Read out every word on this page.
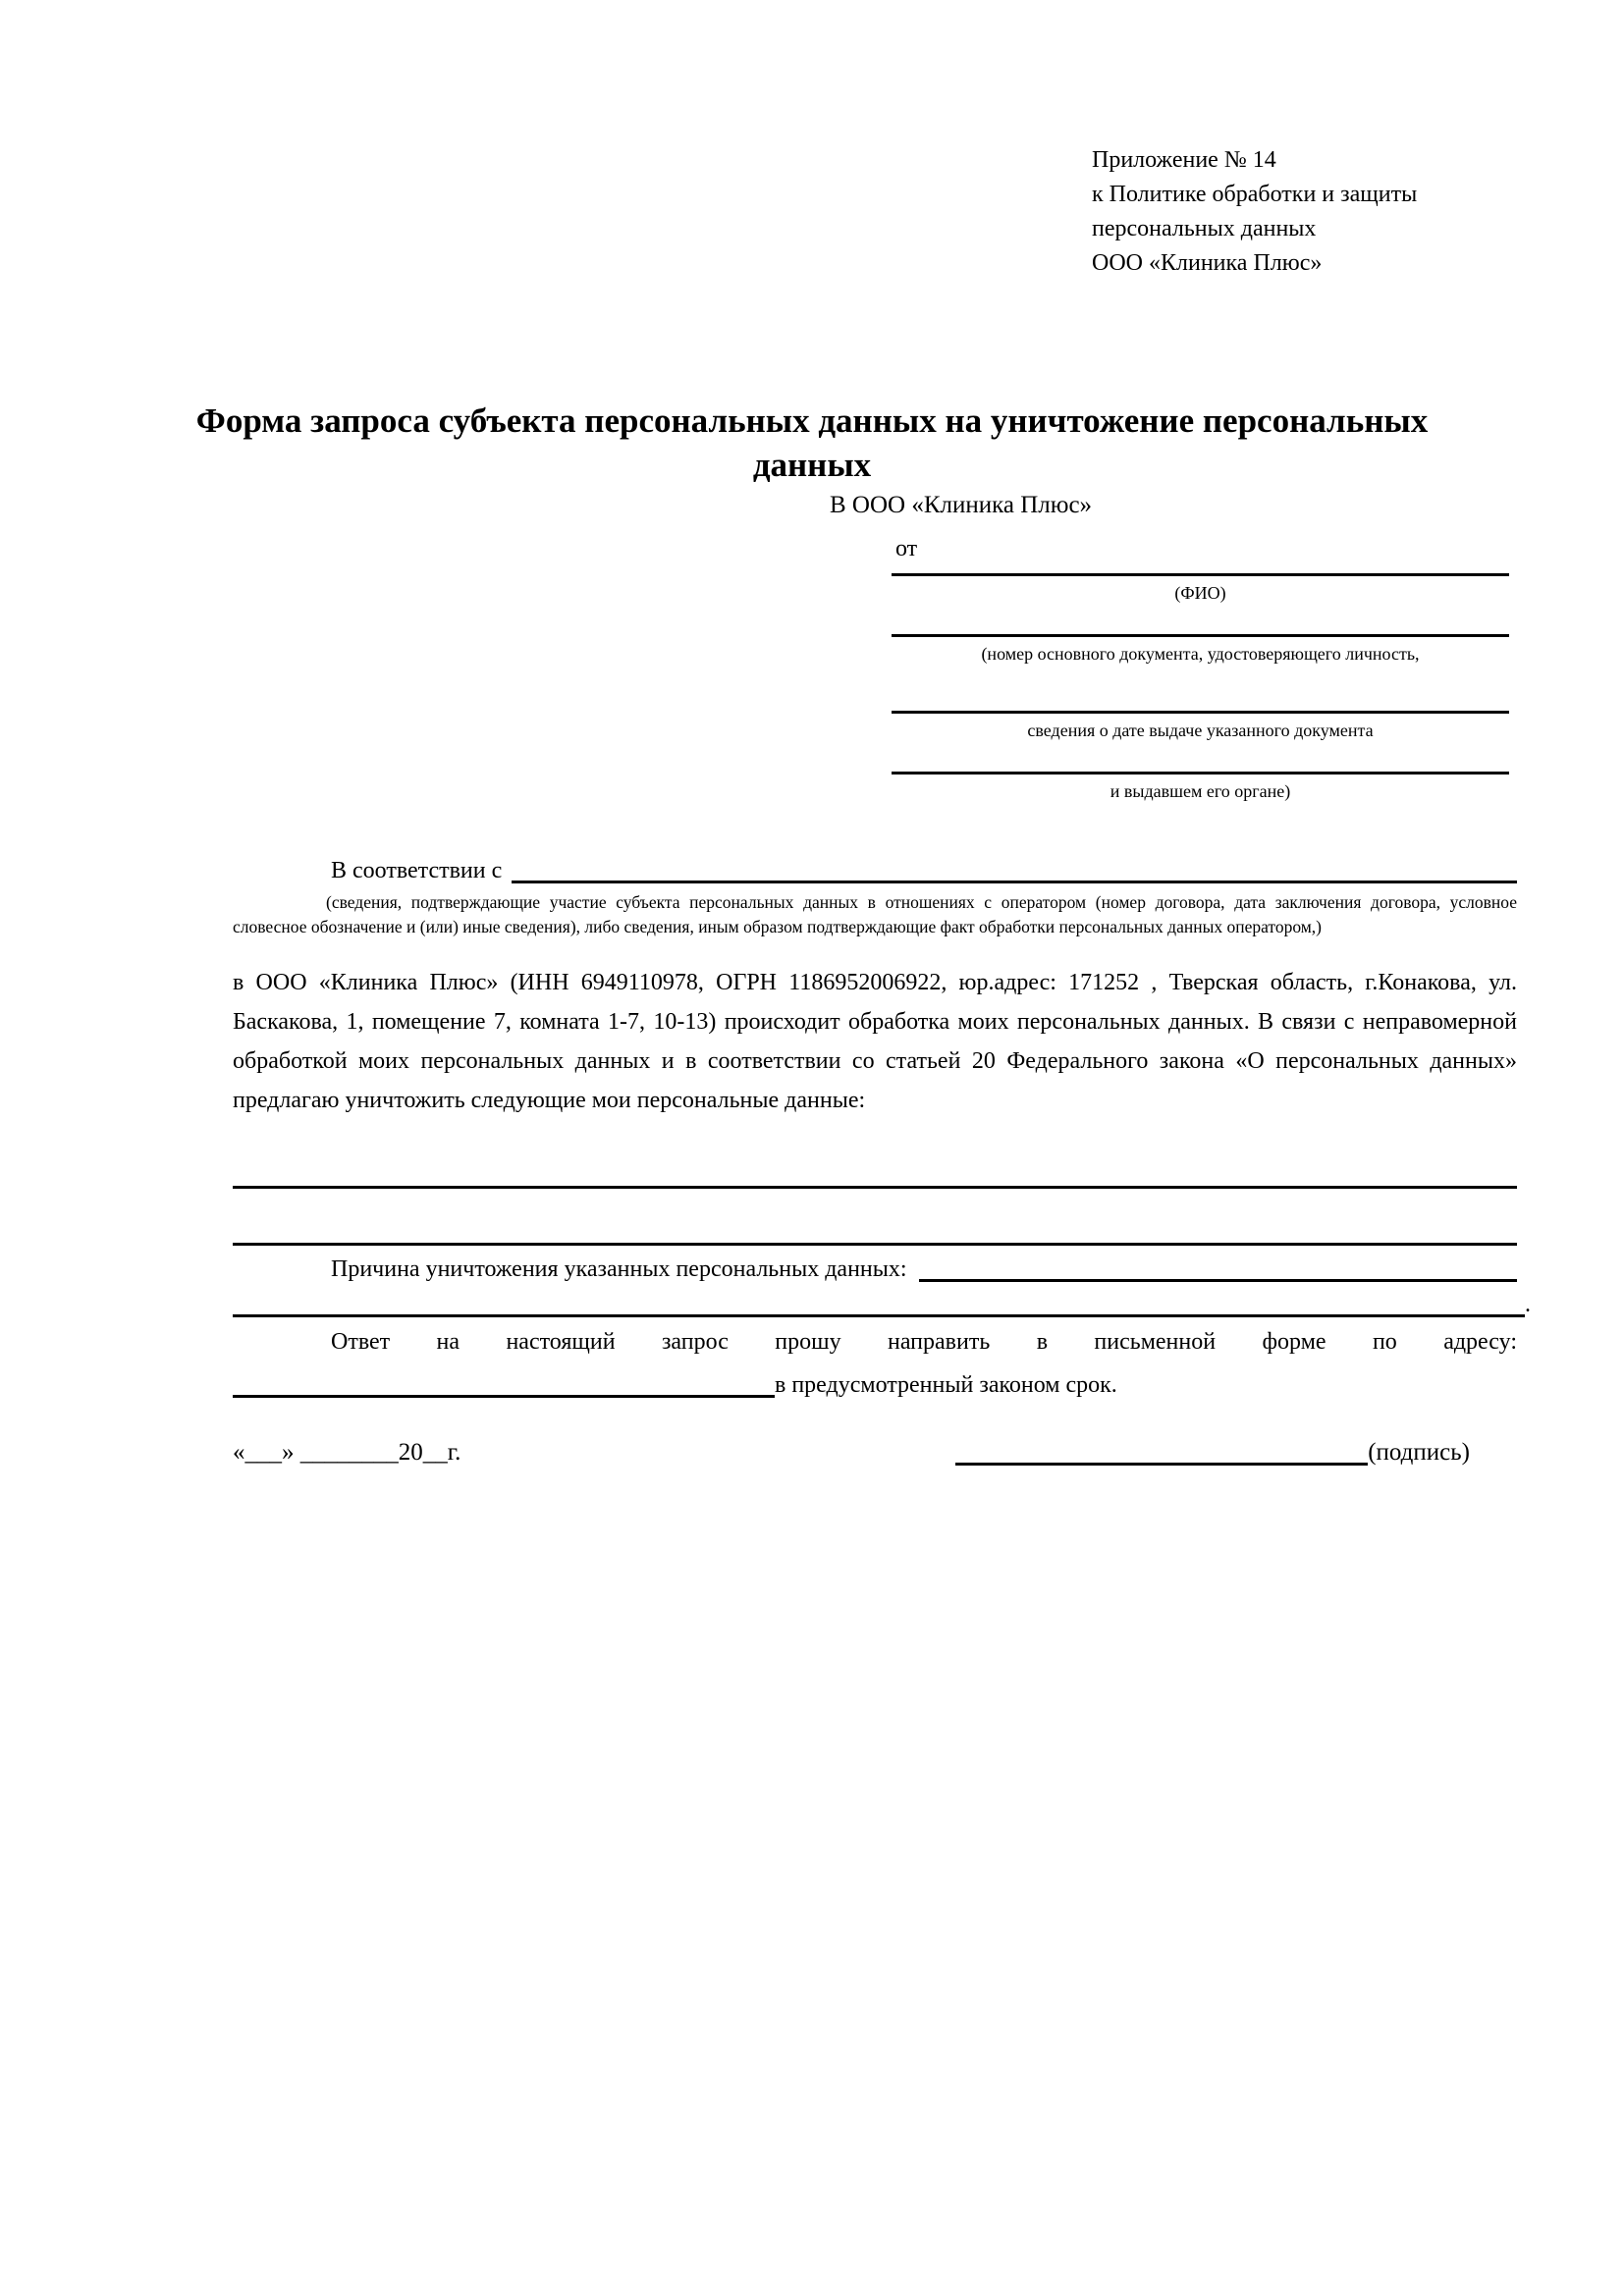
Приложение № 14
к Политике обработки и защиты
персональных данных
ООО «Клиника Плюс»
Форма запроса субъекта персональных данных на уничтожение персональных данных
В ООО «Клиника Плюс»
от
(ФИО)
(номер основного документа, удостоверяющего личность,
сведения о дате выдаче указанного документа
и выдавшем его органе)
В соответствии с
(сведения, подтверждающие участие субъекта персональных данных в отношениях с оператором (номер договора, дата заключения договора, условное словесное обозначение и (или) иные сведения), либо сведения, иным образом подтверждающие факт обработки персональных данных оператором,)
в ООО «Клиника Плюс» (ИНН 6949110978, ОГРН 1186952006922, юр.адрес: 171252 , Тверская область, г.Конакова, ул. Баскакова, 1, помещение 7, комната 1-7, 10-13) происходит обработка моих персональных данных. В связи с неправомерной обработкой моих персональных данных и в соответствии со статьей 20 Федерального закона «О персональных данных» предлагаю уничтожить следующие мои персональные данные:
Причина уничтожения указанных персональных данных:
.
Ответ на настоящий запрос прошу направить в письменной форме по адресу:
в предусмотренный законом срок.
«___» ________20__г.	(подпись)
